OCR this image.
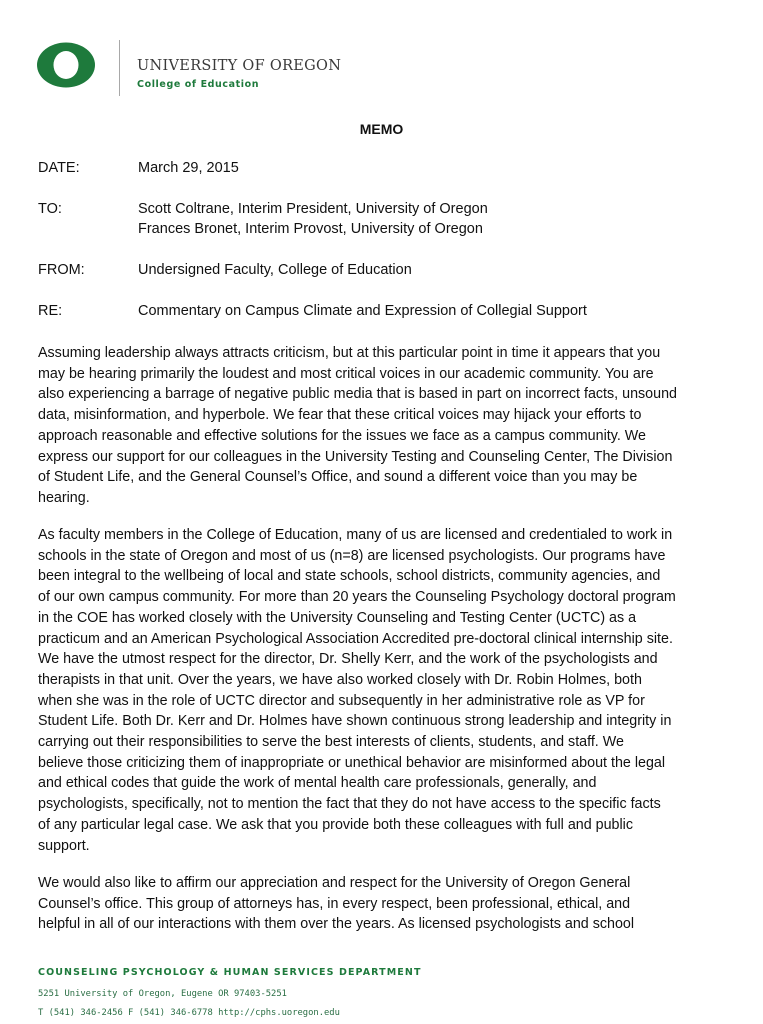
UNIVERSITY OF OREGON
College of Education
MEMO
DATE:	March 29, 2015
TO:	Scott Coltrane, Interim President, University of Oregon
Frances Bronet, Interim Provost, University of Oregon
FROM:	Undersigned Faculty, College of Education
RE:	Commentary on Campus Climate and Expression of Collegial Support
Assuming leadership always attracts criticism, but at this particular point in time it appears that you
may be hearing primarily the loudest and most critical voices in our academic community. You are
also experiencing a barrage of negative public media that is based in part on incorrect facts, unsound
data, misinformation, and hyperbole. We fear that these critical voices may hijack your efforts to
approach reasonable and effective solutions for the issues we face as a campus community. We
express our support for our colleagues in the University Testing and Counseling Center, The Division
of Student Life, and the General Counsel’s Office, and sound a different voice than you may be
hearing.
As faculty members in the College of Education, many of us are licensed and credentialed to work in
schools in the state of Oregon and most of us (n=8) are licensed psychologists. Our programs have
been integral to the wellbeing of local and state schools, school districts, community agencies, and
of our own campus community. For more than 20 years the Counseling Psychology doctoral program
in the COE has worked closely with the University Counseling and Testing Center (UCTC) as a
practicum and an American Psychological Association Accredited pre-doctoral clinical internship site.
We have the utmost respect for the director, Dr. Shelly Kerr, and the work of the psychologists and
therapists in that unit. Over the years, we have also worked closely with Dr. Robin Holmes, both
when she was in the role of UCTC director and subsequently in her administrative role as VP for
Student Life. Both Dr. Kerr and Dr. Holmes have shown continuous strong leadership and integrity in
carrying out their responsibilities to serve the best interests of clients, students, and staff. We
believe those criticizing them of inappropriate or unethical behavior are misinformed about the legal
and ethical codes that guide the work of mental health care professionals, generally, and
psychologists, specifically, not to mention the fact that they do not have access to the specific facts
of any particular legal case. We ask that you provide both these colleagues with full and public
support.
We would also like to affirm our appreciation and respect for the University of Oregon General
Counsel’s office. This group of attorneys has, in every respect, been professional, ethical, and
helpful in all of our interactions with them over the years. As licensed psychologists and school
COUNSELING PSYCHOLOGY & HUMAN SERVICES DEPARTMENT
5251 University of Oregon, Eugene OR 97403-5251
T (541) 346-2456 F (541) 346-6778 http://cphs.uoregon.edu
